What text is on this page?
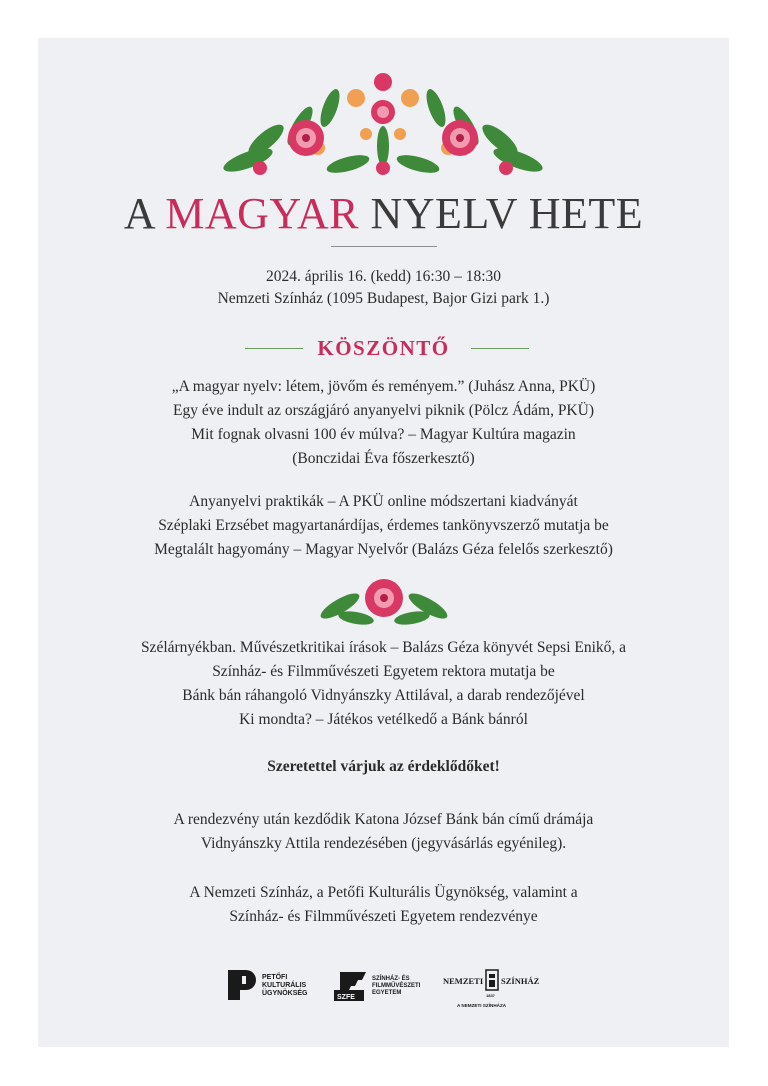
A MAGYAR NYELV HETE
2024. április 16. (kedd) 16:30 – 18:30
Nemzeti Színház (1095 Budapest, Bajor Gizi park 1.)
KÖSZÖNTŐ
„A magyar nyelv: létem, jövőm és reményem.” (Juhász Anna, PKÜ)
Egy éve indult az országjáró anyanyelvi piknik (Pölcz Ádám, PKÜ)
Mit fognak olvasni 100 év múlva? – Magyar Kultúra magazin
(Bonczidai Éva főszerkesztő)
Anyanyelvi praktikák – A PKÜ online módszertani kiadványát
Széplaki Erzsébet magyartanárdíjas, érdemes tankönyvszerző mutatja be
Megtalált hagyomány – Magyar Nyelvőr (Balázs Géza felelős szerkesztő)
Szélárnyékban. Művészetkritikai írások – Balázs Géza könyvét Sepsi Enikő, a
Színház- és Filmművészeti Egyetem rektora mutatja be
Bánk bán ráhangoló Vidnyánszky Attilával, a darab rendezőjével
Ki mondta? – Játékos vetélkedő a Bánk bánról
Szeretettel várjuk az érdeklődőket!
A rendezvény után kezdődik Katona József Bánk bán című drámája
Vidnyánszky Attila rendezésében (jegyvásárlás egyénileg).
A Nemzeti Színház, a Petőfi Kulturális Ügynökség, valamint a
Színház- és Filmművészeti Egyetem rendezvénye
PETŐFI
KULTURÁLIS
ÜGYNÖKSÉG
SZFE
SZÍNHÁZ- ÉS
FILMMŰVÉSZETI
EGYETEM
NEMZETI SZÍNHÁZ
1837
A NEMZETI SZÍNHÁZA
